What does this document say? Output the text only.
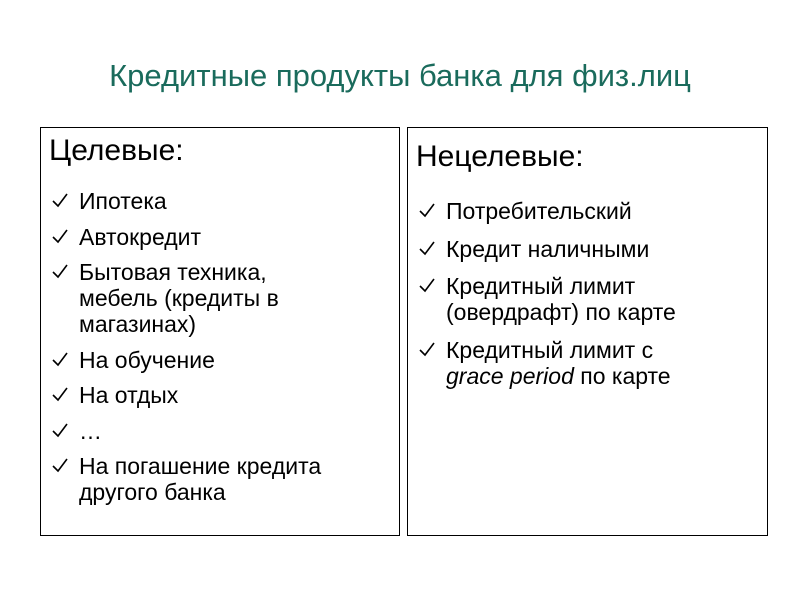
Кредитные продукты банка для физ.лиц
Целевые:
Ипотека
Автокредит
Бытовая техника,
мебель (кредиты в
магазинах)
На обучение
На отдых
…
На погашение кредита
другого банка
Нецелевые:
Потребительский
Кредит наличными
Кредитный лимит
(овердрафт) по карте
Кредитный лимит с
grace period по карте
